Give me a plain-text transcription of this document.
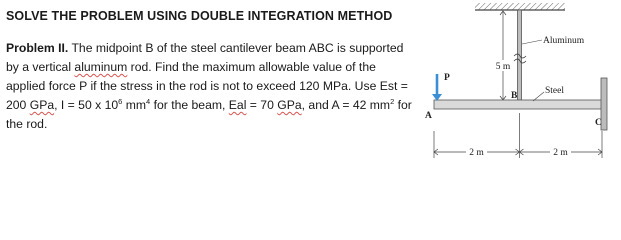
SOLVE THE PROBLEM USING DOUBLE INTEGRATION METHOD
Problem II. The midpoint B of the steel cantilever beam ABC is supported by a vertical aluminum rod. Find the maximum allowable value of the applied force P if the stress in the rod is not to exceed 120 MPa. Use Est = 200 GPa, I = 50 x $10^6$ $mm^4$ for the beam, Eal = 70 GPa, and A = 42 $mm^2$ for the rod.
5 m
Aluminum
P
A
B
C
Steel
2 m	2 m
